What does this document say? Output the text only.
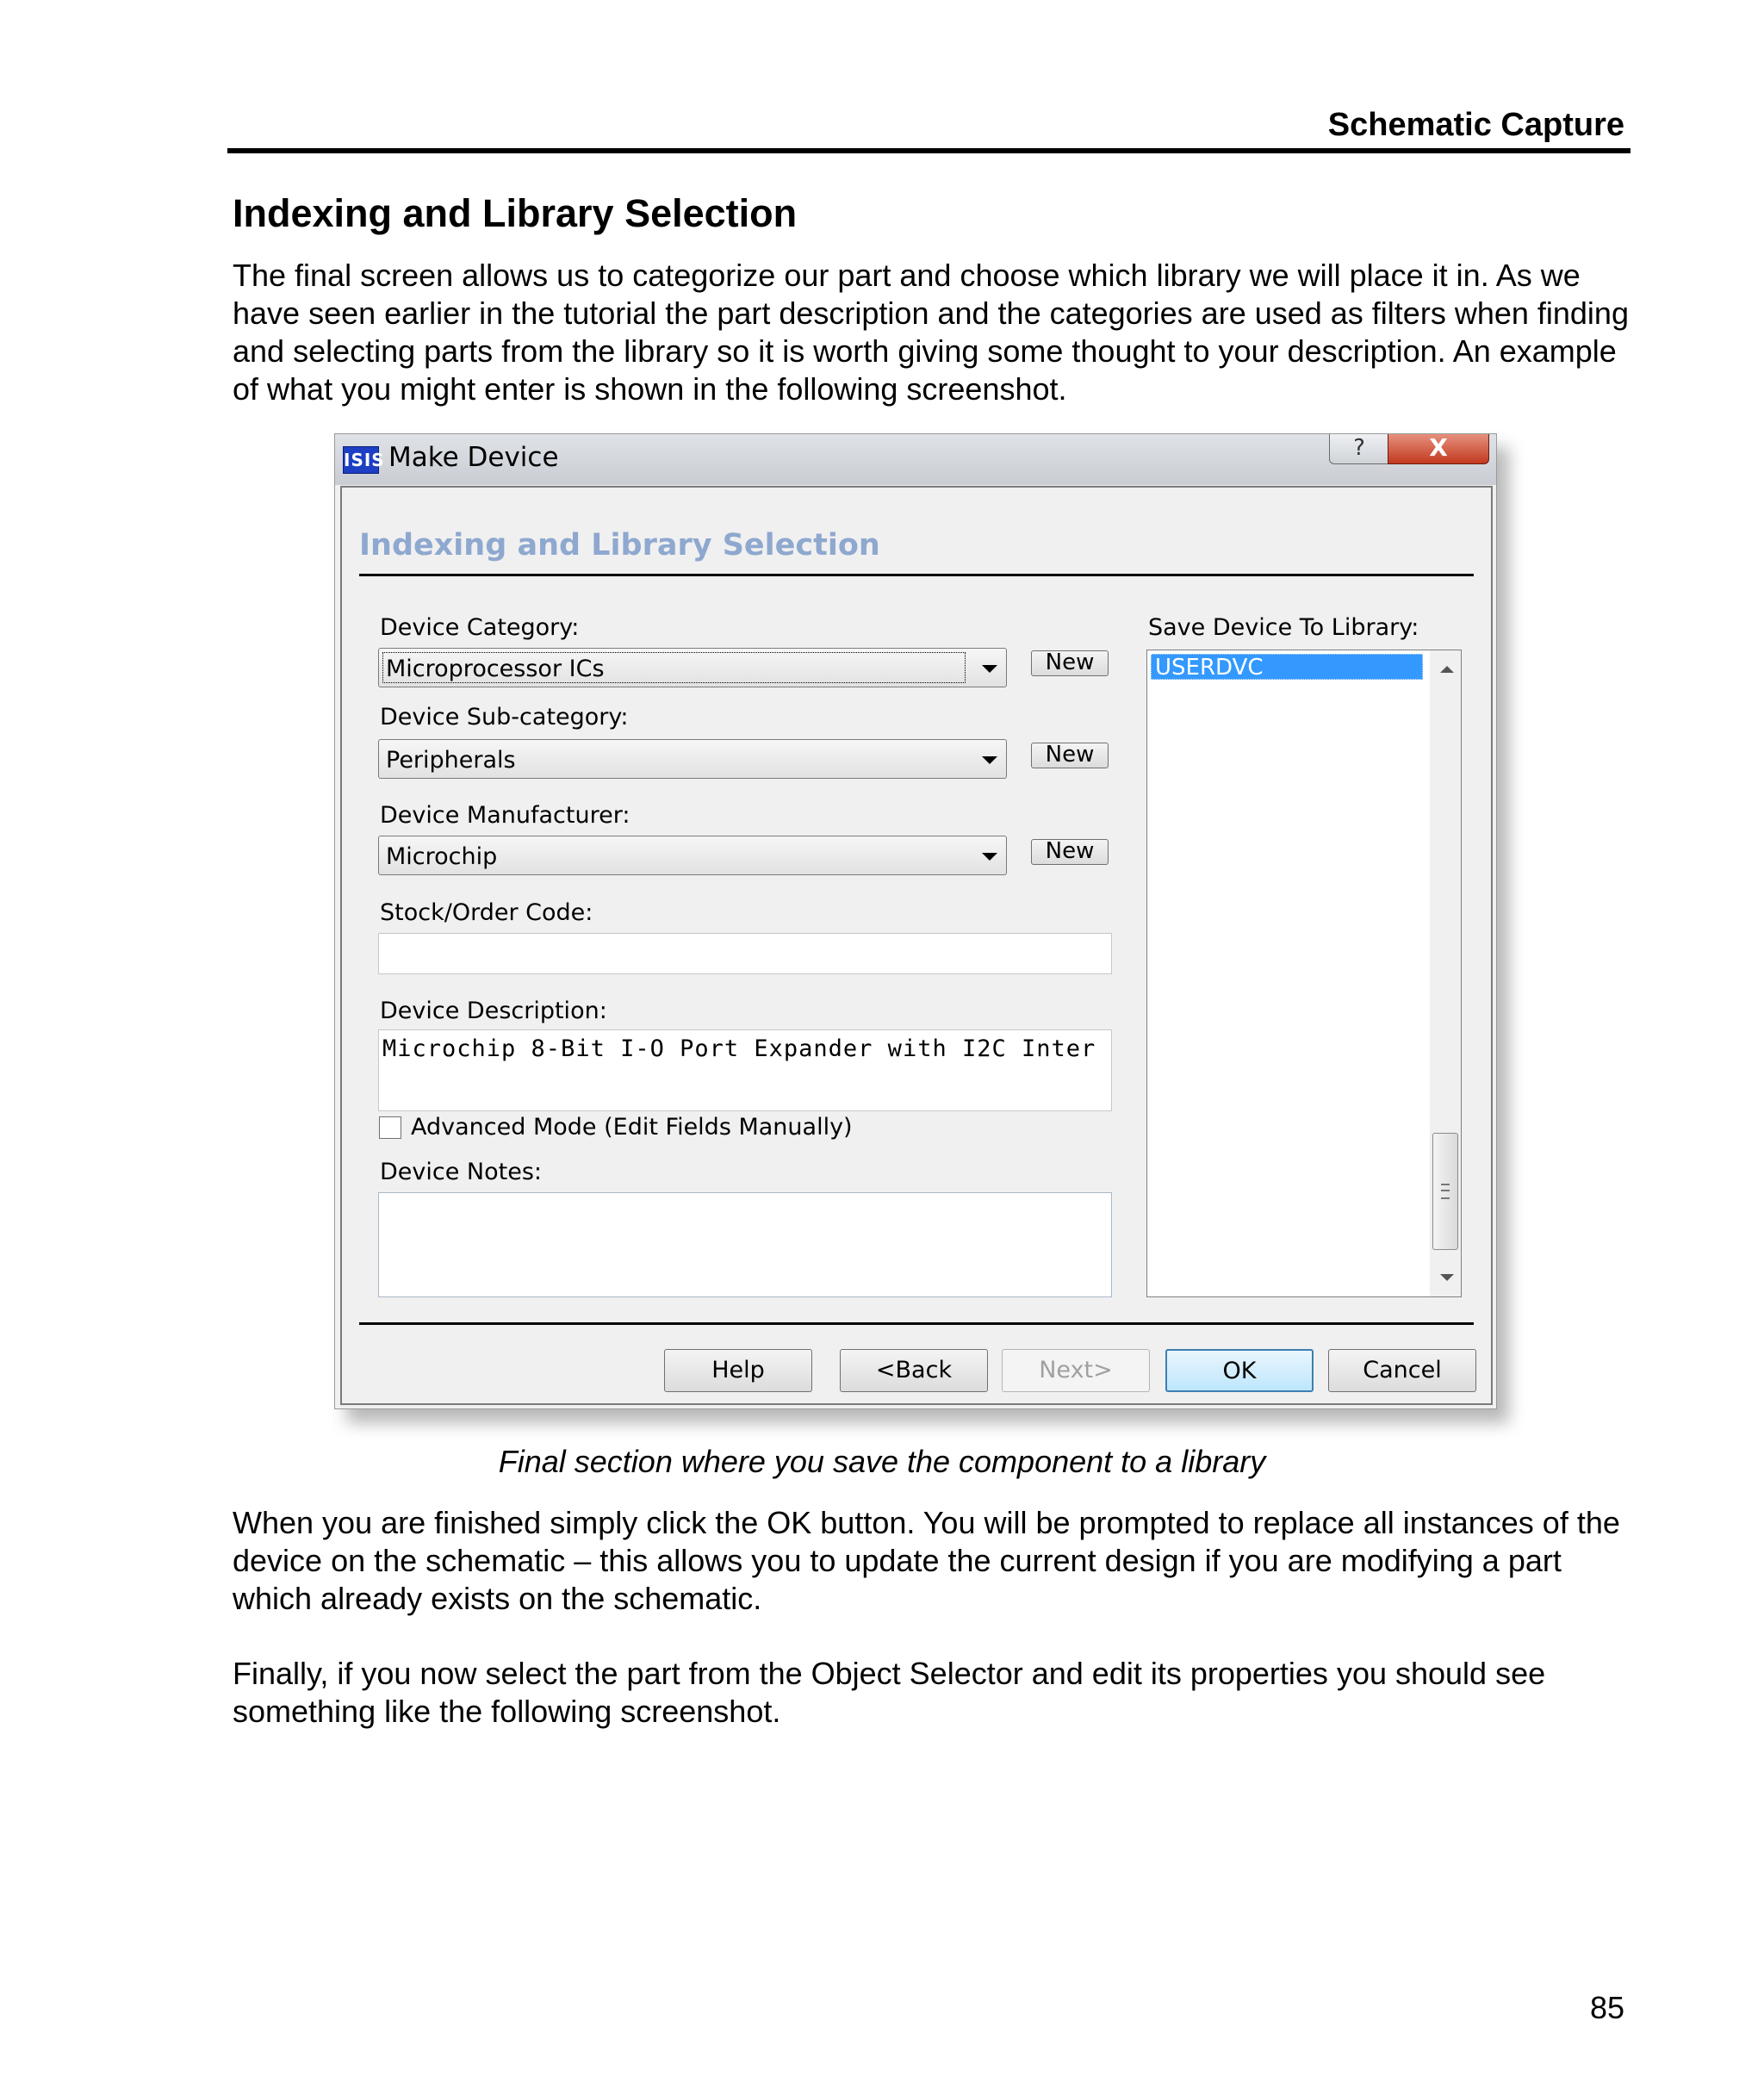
Schematic Capture
Indexing and Library Selection
The final screen allows us to categorize our part and choose which library we will place it in. As we have seen earlier in the tutorial the part description and the categories are used as filters when finding and selecting parts from the library so it is worth giving some thought to your description. An example of what you might enter is shown in the following screenshot.
ISIS Make Device	?	X
Indexing and Library Selection
Device Category:
Microprocessor ICs	New
Device Sub-category:
Peripherals	New
Device Manufacturer:
Microchip	New
Stock/Order Code:
Device Description:
Microchip 8-Bit I-O Port Expander with I2C Inter
Advanced Mode (Edit Fields Manually)
Device Notes:
Save Device To Library:
USERDVC
Help	<Back	Next>	OK	Cancel
Final section where you save the component to a library
When you are finished simply click the OK button. You will be prompted to replace all instances of the device on the schematic – this allows you to update the current design if you are modifying a part which already exists on the schematic.
Finally, if you now select the part from the Object Selector and edit its properties you should see something like the following screenshot.
85
